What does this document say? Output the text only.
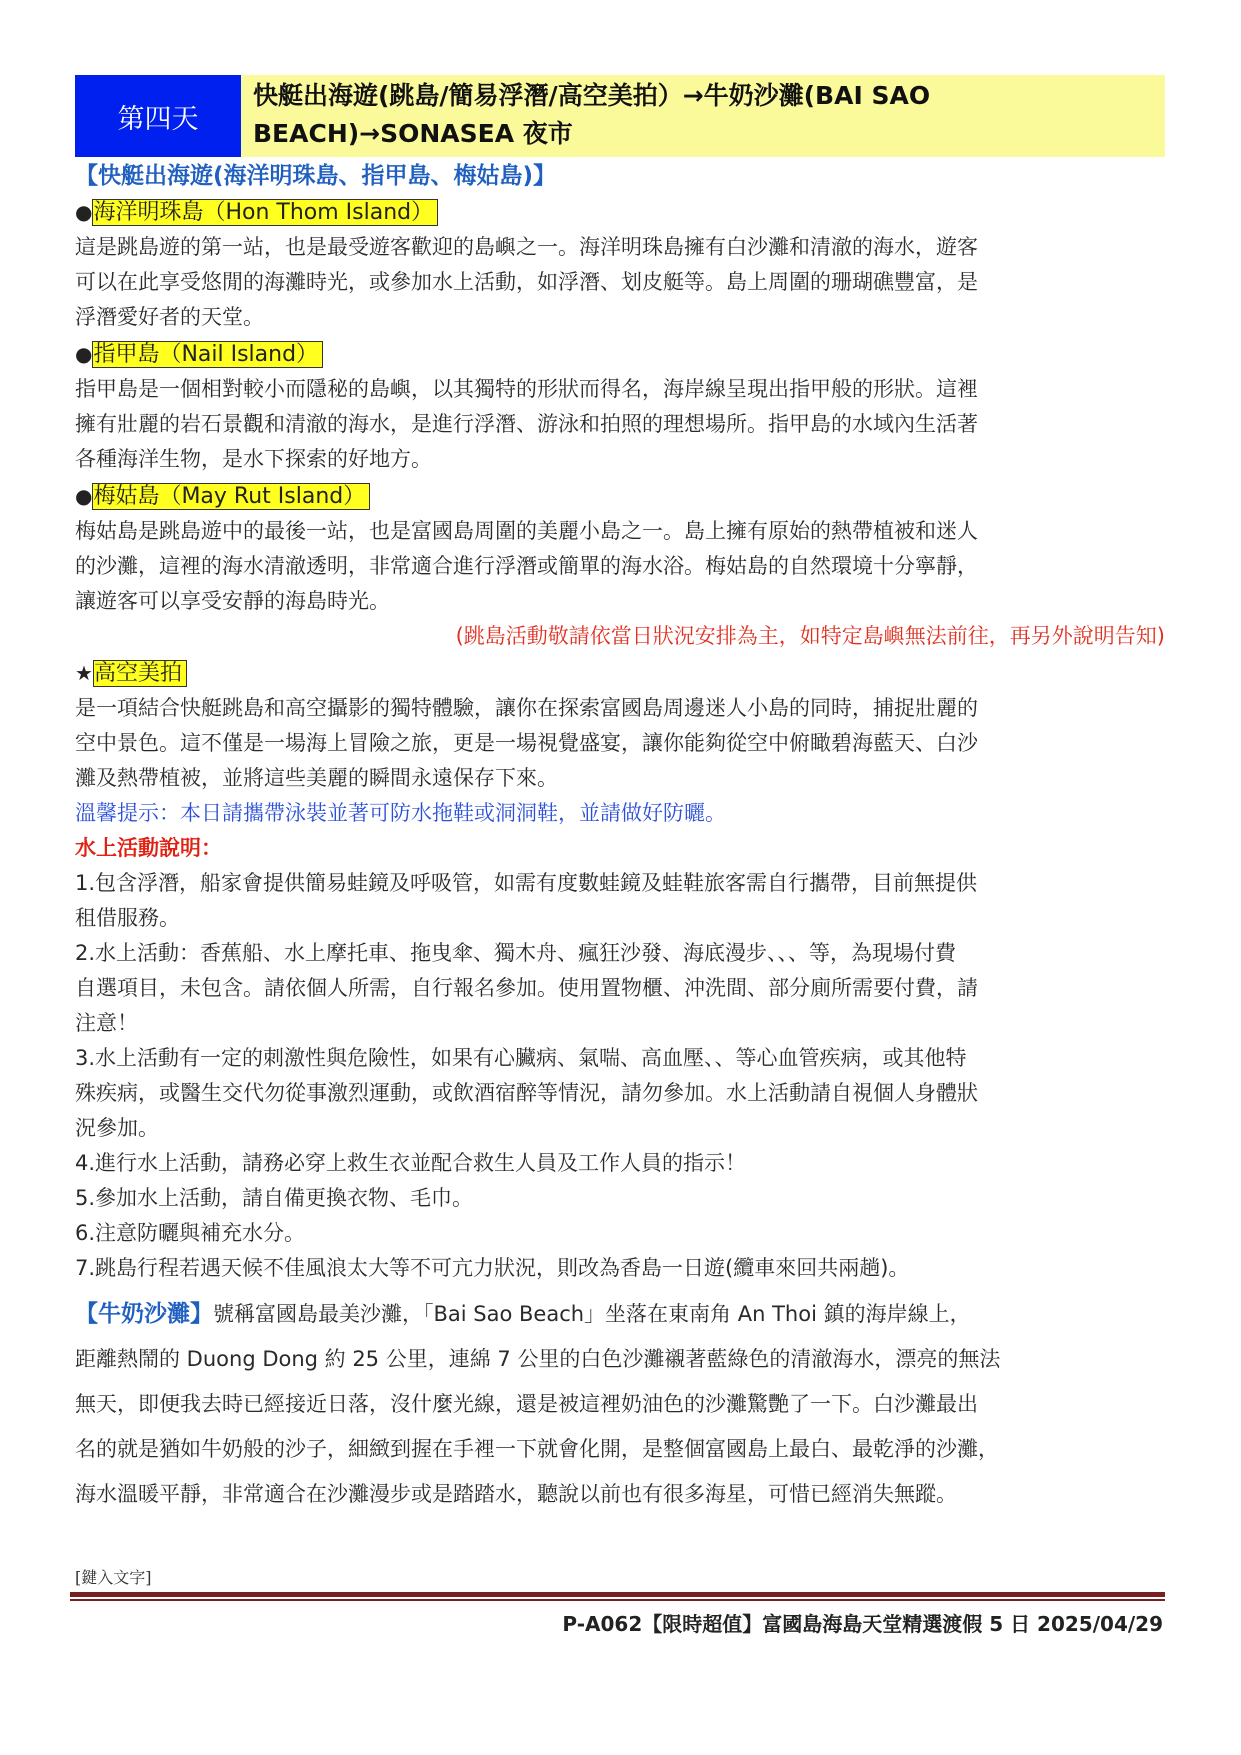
第四天
快艇出海遊(跳島/簡易浮潛/高空美拍）→牛奶沙灘(BAI SAO
BEACH)→SONASEA 夜市
【快艇出海遊(海洋明珠島、指甲島、梅姑島)】
●海洋明珠島（Hon Thom Island）

這是跳島遊的第一站，也是最受遊客歡迎的島嶼之一。海洋明珠島擁有白沙灘和清澈的海水，遊客

可以在此享受悠閒的海灘時光，或參加水上活動，如浮潛、划皮艇等。島上周圍的珊瑚礁豐富，是

浮潛愛好者的天堂。

●指甲島（Nail Island）

指甲島是一個相對較小而隱秘的島嶼，以其獨特的形狀而得名，海岸線呈現出指甲般的形狀。這裡

擁有壯麗的岩石景觀和清澈的海水，是進行浮潛、游泳和拍照的理想場所。指甲島的水域內生活著

各種海洋生物，是水下探索的好地方。

●梅姑島（May Rut Island）

梅姑島是跳島遊中的最後一站，也是富國島周圍的美麗小島之一。島上擁有原始的熱帶植被和迷人

的沙灘，這裡的海水清澈透明，非常適合進行浮潛或簡單的海水浴。梅姑島的自然環境十分寧靜，

讓遊客可以享受安靜的海島時光。

(跳島活動敬請依當日狀況安排為主，如特定島嶼無法前往，再另外說明告知)
★高空美拍

是一項結合快艇跳島和高空攝影的獨特體驗，讓你在探索富國島周邊迷人小島的同時，捕捉壯麗的

空中景色。這不僅是一場海上冒險之旅，更是一場視覺盛宴，讓你能夠從空中俯瞰碧海藍天、白沙

灘及熱帶植被，並將這些美麗的瞬間永遠保存下來。

溫馨提示：本日請攜帶泳裝並著可防水拖鞋或洞洞鞋，並請做好防曬。
水上活動說明：

1.包含浮潛，船家會提供簡易蛙鏡及呼吸管，如需有度數蛙鏡及蛙鞋旅客需自行攜帶，目前無提供

租借服務。

2.水上活動：香蕉船、水上摩托車、拖曳傘、獨木舟、瘋狂沙發、海底漫步、、、等，為現場付費

自選項目，未包含。請依個人所需，自行報名參加。使用置物櫃、沖洗間、部分廁所需要付費，請

注意！

3.水上活動有一定的刺激性與危險性，如果有心臟病、氣喘、高血壓、、等心血管疾病，或其他特

殊疾病，或醫生交代勿從事激烈運動，或飲酒宿醉等情況，請勿參加。水上活動請自視個人身體狀

況參加。

4.進行水上活動，請務必穿上救生衣並配合救生人員及工作人員的指示！

5.參加水上活動，請自備更換衣物、毛巾。

6.注意防曬與補充水分。

7.跳島行程若遇天候不佳風浪太大等不可亢力狀況，則改為香島一日遊(纜車來回共兩趟)。

【牛奶沙灘】號稱富國島最美沙灘，「Bai Sao Beach」坐落在東南角 An Thoi 鎮的海岸線上，
距離熱鬧的 Duong Dong 約 25 公里，連綿 7 公里的白色沙灘襯著藍綠色的清澈海水，漂亮的無法
無天，即便我去時已經接近日落，沒什麼光線，還是被這裡奶油色的沙灘驚艷了一下。白沙灘最出
名的就是猶如牛奶般的沙子，細緻到握在手裡一下就會化開，是整個富國島上最白、最乾淨的沙灘，
海水溫暖平靜，非常適合在沙灘漫步或是踏踏水，聽說以前也有很多海星，可惜已經消失無蹤。
[鍵入文字]
P-A062【限時超值】富國島海島天堂精選渡假 5 日 2025/04/29
